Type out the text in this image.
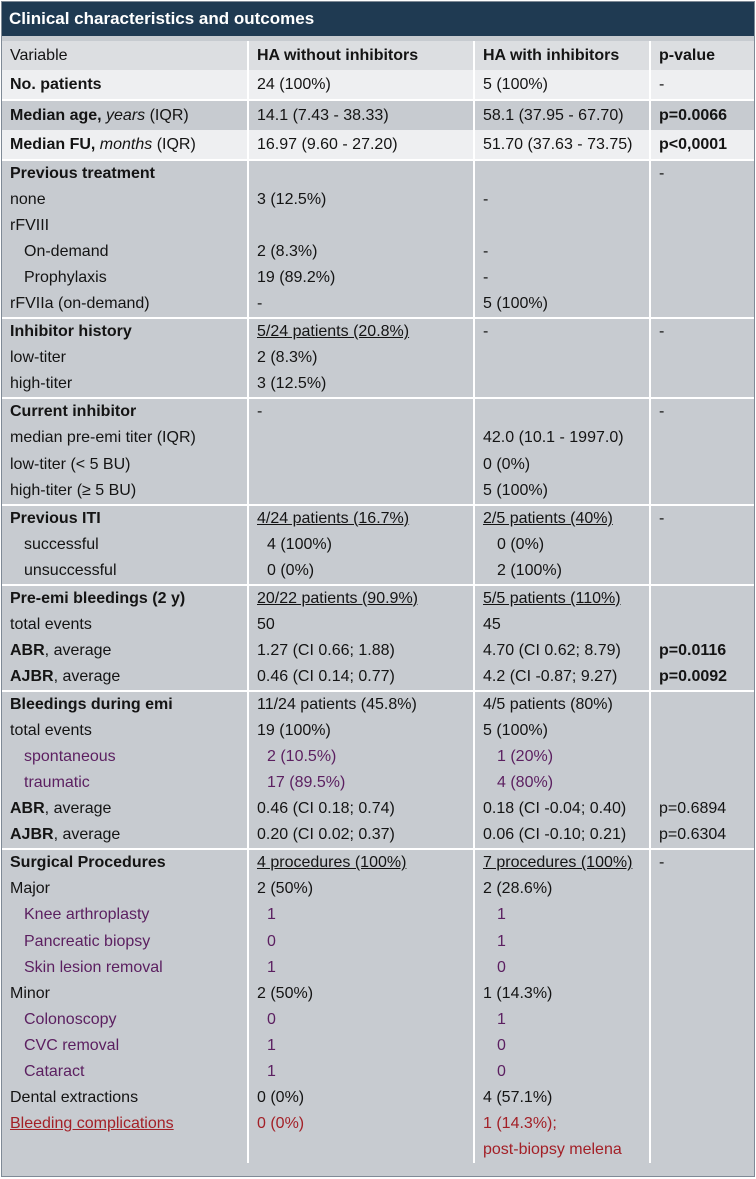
Clinical characteristics and outcomes
Variable	HA without inhibitors	HA with inhibitors	p-value
No. patients	24 (100%)	5 (100%)	-
Median age, years (IQR)	14.1 (7.43 - 38.33)	58.1 (37.95 - 67.70)	p=0.0066
Median FU, months (IQR)	16.97 (9.60 - 27.20)	51.70 (37.63 - 73.75)	p<0,0001
Previous treatment			-
none	3 (12.5%)	-	
rFVIII			
On-demand	2 (8.3%)	-	
Prophylaxis	19 (89.2%)	-	
rFVIIa (on-demand)	-	5 (100%)	
Inhibitor history	5/24 patients (20.8%)	-	-
low-titer	2 (8.3%)		
high-titer	3 (12.5%)		
Current inhibitor	-		-
median pre-emi titer (IQR)		42.0 (10.1 - 1997.0)	
low-titer (< 5 BU)		0 (0%)	
high-titer (≥ 5 BU)		5 (100%)	
Previous ITI	4/24 patients (16.7%)	2/5 patients (40%)	-
successful	4 (100%)	0 (0%)	
unsuccessful	0 (0%)	2 (100%)	
Pre-emi bleedings (2 y)	20/22 patients (90.9%)	5/5 patients (110%)	
total events	50	45	
ABR, average	1.27 (CI 0.66; 1.88)	4.70 (CI 0.62; 8.79)	p=0.0116
AJBR, average	0.46 (CI 0.14; 0.77)	4.2 (CI -0.87; 9.27)	p=0.0092
Bleedings during emi	11/24 patients (45.8%)	4/5 patients (80%)	
total events	19 (100%)	5 (100%)	
spontaneous	2 (10.5%)	1 (20%)	
traumatic	17 (89.5%)	4 (80%)	
ABR, average	0.46 (CI 0.18; 0.74)	0.18 (CI -0.04; 0.40)	p=0.6894
AJBR, average	0.20 (CI 0.02; 0.37)	0.06 (CI -0.10; 0.21)	p=0.6304
Surgical Procedures	4 procedures (100%)	7 procedures (100%)	-
Major	2 (50%)	2 (28.6%)	
Knee arthroplasty	1	1	
Pancreatic biopsy	0	1	
Skin lesion removal	1	0	
Minor	2 (50%)	1 (14.3%)	
Colonoscopy	0	1	
CVC removal	1	0	
Cataract	1	0	
Dental extractions	0 (0%)	4 (57.1%)	
Bleeding complications	0 (0%)	1 (14.3%);	
		post-biopsy melena	
